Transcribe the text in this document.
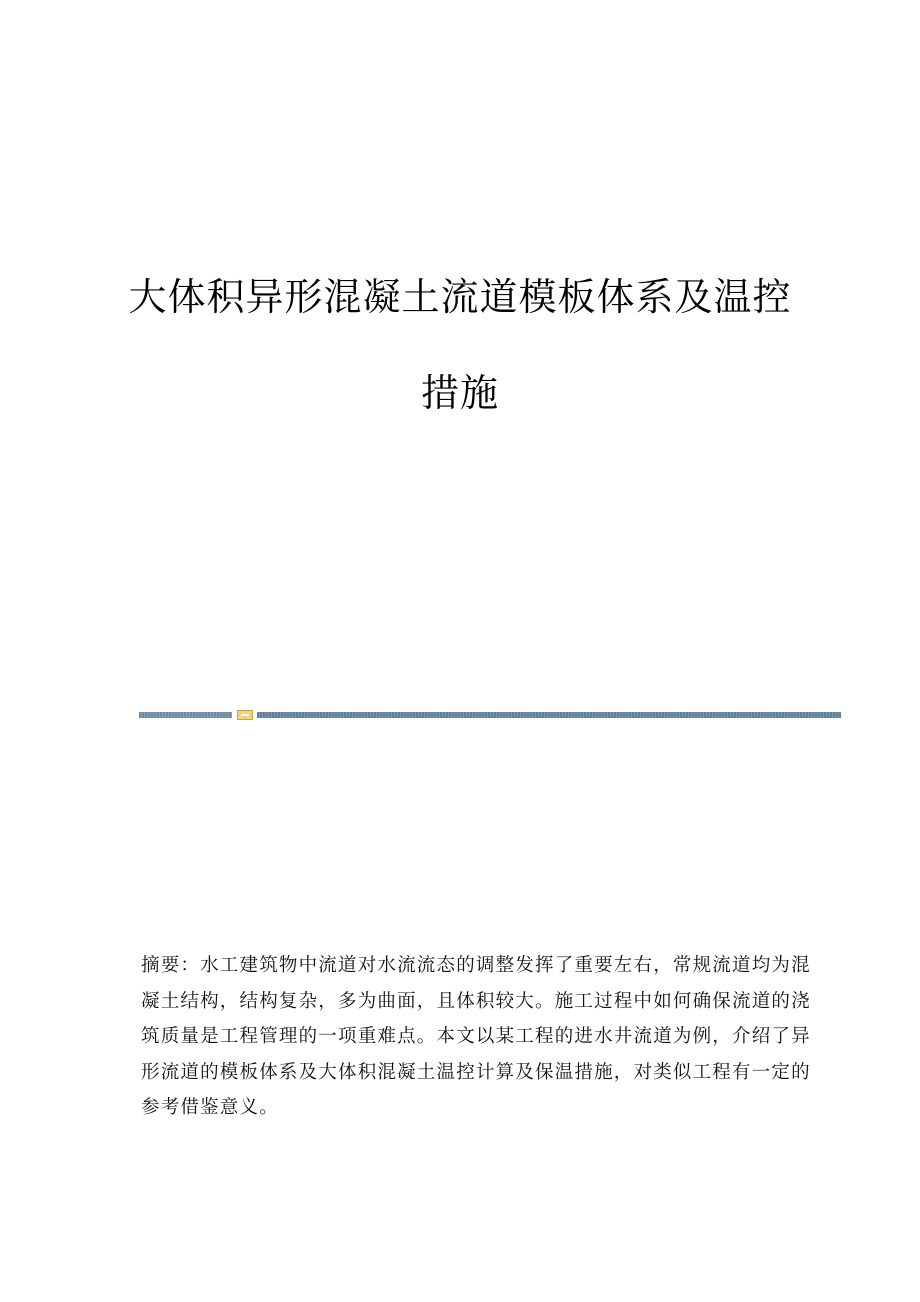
大体积异形混凝土流道模板体系及温控
措施
摘要：水工建筑物中流道对水流流态的调整发挥了重要左右，常规流道均为混
凝土结构，结构复杂，多为曲面，且体积较大。施工过程中如何确保流道的浇
筑质量是工程管理的一项重难点。本文以某工程的进水井流道为例，介绍了异
形流道的模板体系及大体积混凝土温控计算及保温措施，对类似工程有一定的
参考借鉴意义。
